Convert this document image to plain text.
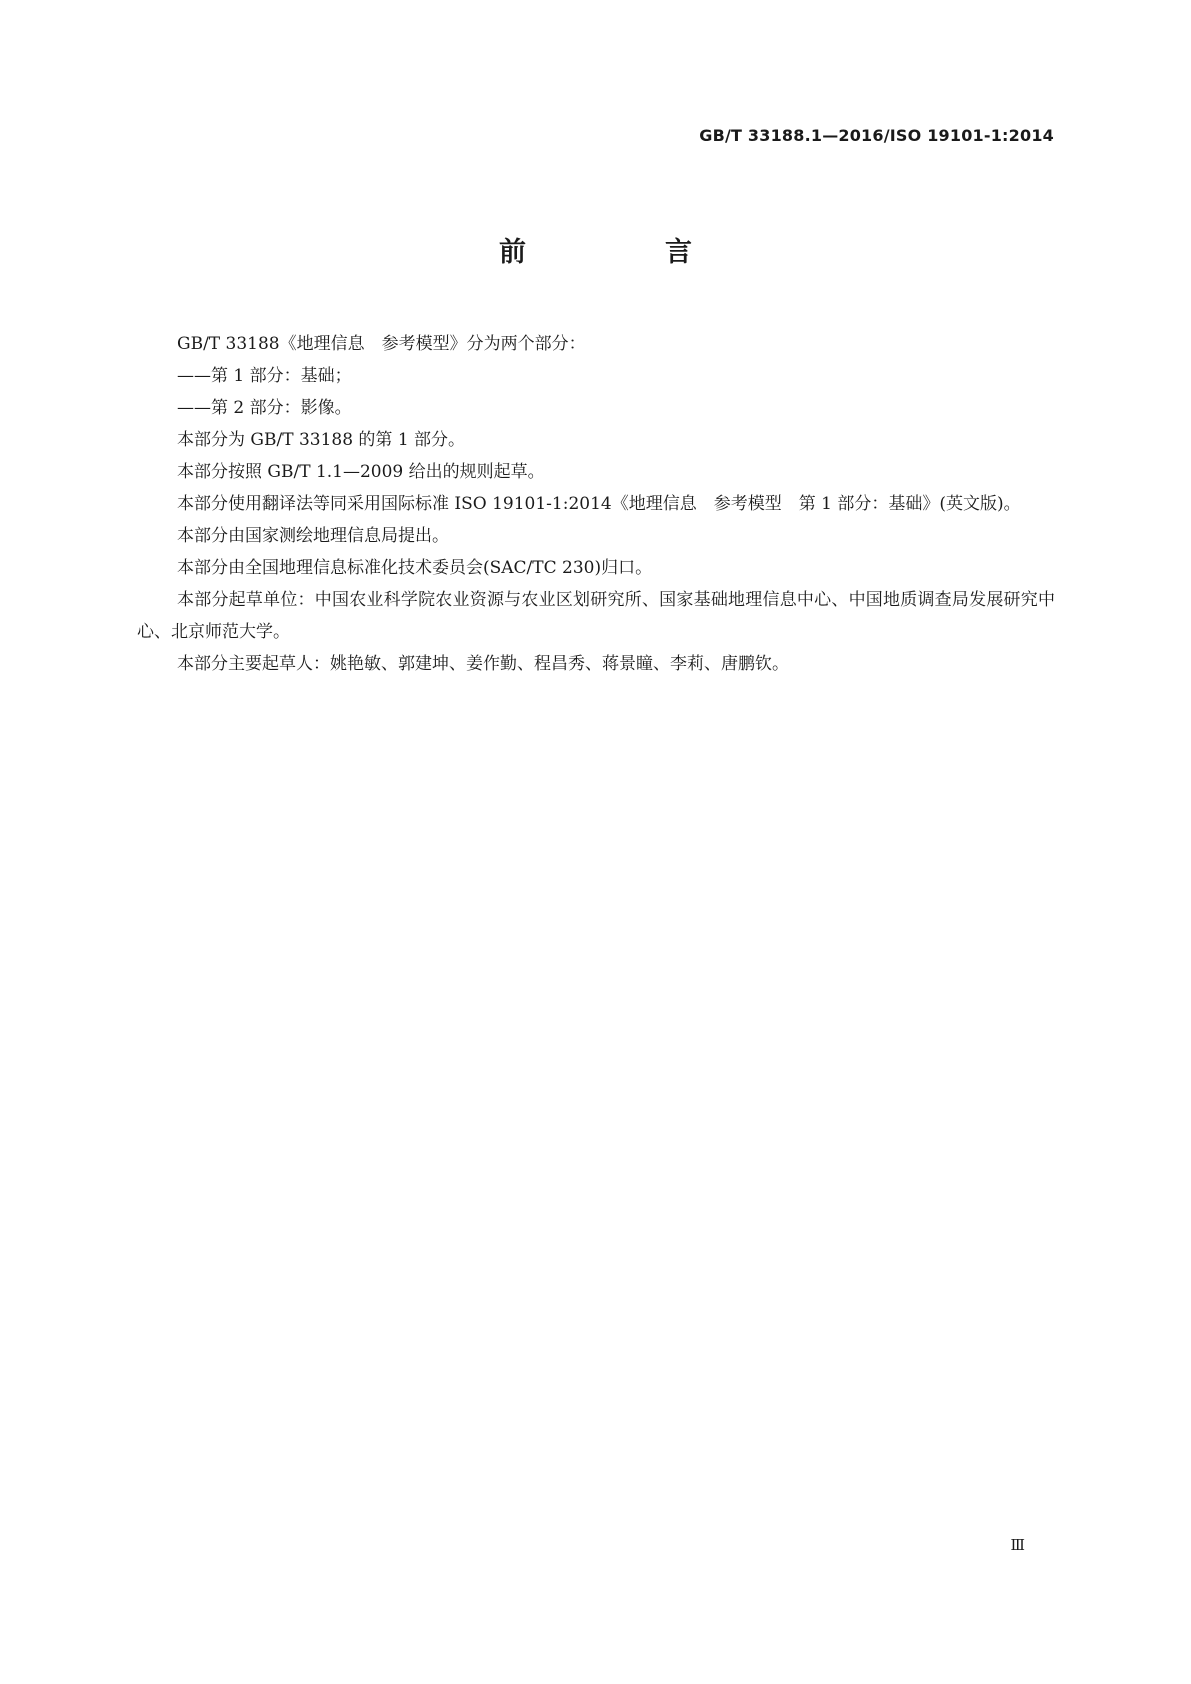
GB/T 33188.1—2016/ISO 19101-1:2014
前　言

GB/T 33188《地理信息　参考模型》分为两个部分：

——第 1 部分：基础；

——第 2 部分：影像。

本部分为 GB/T 33188 的第 1 部分。

本部分按照 GB/T 1.1—2009 给出的规则起草。

本部分使用翻译法等同采用国际标准 ISO 19101-1:2014《地理信息　参考模型　第 1 部分：基础》(英文版)。

本部分由国家测绘地理信息局提出。

本部分由全国地理信息标准化技术委员会(SAC/TC 230)归口。

本部分起草单位：中国农业科学院农业资源与农业区划研究所、国家基础地理信息中心、中国地质调查局发展研究中心、北京师范大学。

本部分主要起草人：姚艳敏、郭建坤、姜作勤、程昌秀、蒋景瞳、李莉、唐鹏钦。

Ⅲ
